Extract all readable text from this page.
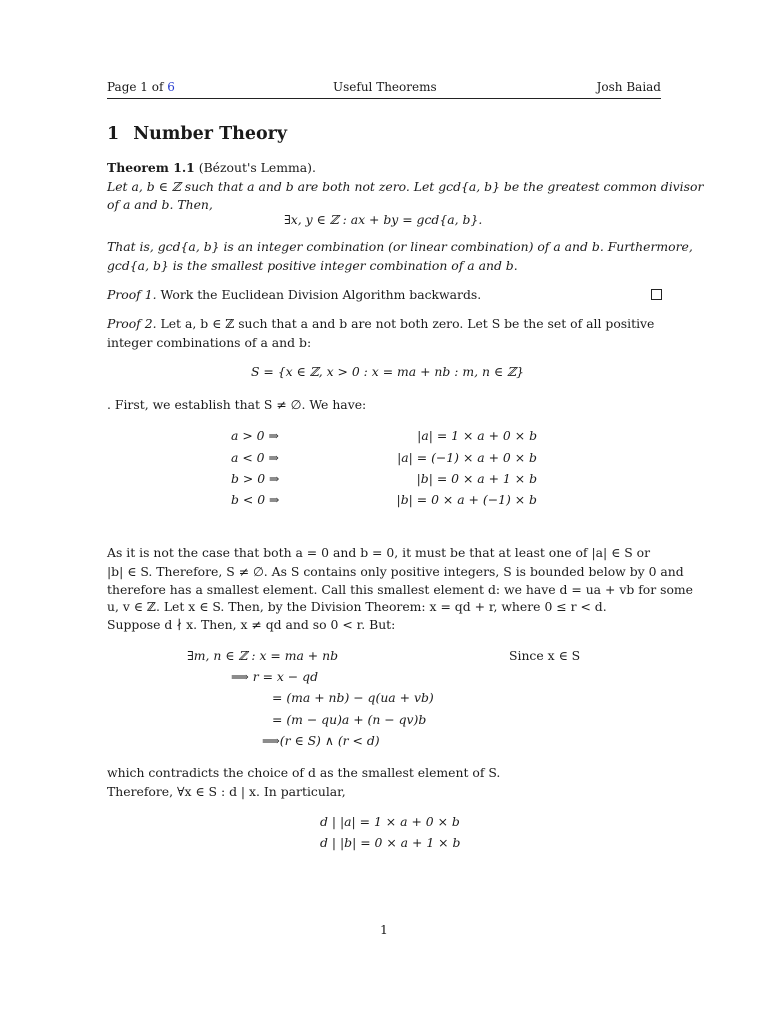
Page 1 of 6	Useful Theorems	Josh Baiad
1 Number Theory
Theorem 1.1 (Bézout's Lemma).
Let a, b ∈ ℤ such that a and b are both not zero. Let gcd{a, b} be the greatest common divisor
of a and b. Then,
∃x, y ∈ ℤ : ax + by = gcd{a, b}.
That is, gcd{a, b} is an integer combination (or linear combination) of a and b. Furthermore,
gcd{a, b} is the smallest positive integer combination of a and b.
Proof 1. Work the Euclidean Division Algorithm backwards.
Proof 2. Let a, b ∈ ℤ such that a and b are not both zero. Let S be the set of all positive
integer combinations of a and b:
S = {x ∈ ℤ, x > 0 : x = ma + nb : m, n ∈ ℤ}
. First, we establish that S ≠ ∅. We have:
a > 0 ⇒	|a| = 1 × a + 0 × b
a < 0 ⇒	|a| = (−1) × a + 0 × b
b > 0 ⇒	|b| = 0 × a + 1 × b
b < 0 ⇒	|b| = 0 × a + (−1) × b
As it is not the case that both a = 0 and b = 0, it must be that at least one of |a| ∈ S or
|b| ∈ S. Therefore, S ≠ ∅. As S contains only positive integers, S is bounded below by 0 and
therefore has a smallest element. Call this smallest element d: we have d = ua + vb for some
u, v ∈ ℤ. Let x ∈ S. Then, by the Division Theorem: x = qd + r, where 0 ≤ r < d.
Suppose d ∤ x. Then, x ≠ qd and so 0 < r. But:
∃m, n ∈ ℤ : x = ma + nb	Since x ∈ S
⟹ r = x − qd
= (ma + nb) − q(ua + vb)
= (m − qu)a + (n − qv)b
⟹(r ∈ S) ∧ (r < d)
which contradicts the choice of d as the smallest element of S.
Therefore, ∀x ∈ S : d | x. In particular,
d | |a| = 1 × a + 0 × b
d | |b| = 0 × a + 1 × b
1
